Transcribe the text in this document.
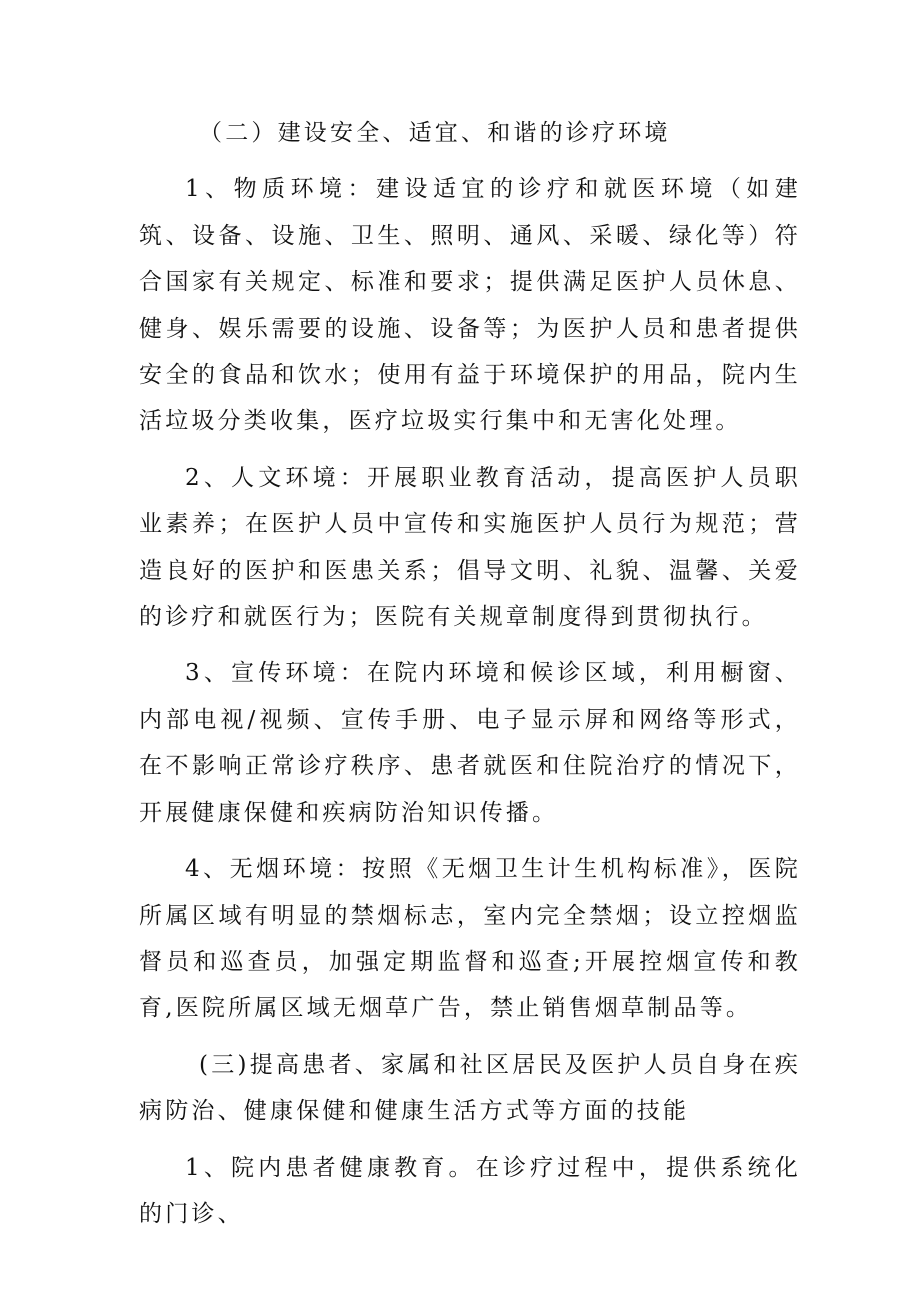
（二）建设安全、适宜、和谐的诊疗环境

1、物质环境：建设适宜的诊疗和就医环境（如建筑、设备、设施、卫生、照明、通风、采暖、绿化等）符合国家有关规定、标准和要求；提供满足医护人员休息、健身、娱乐需要的设施、设备等；为医护人员和患者提供安全的食品和饮水；使用有益于环境保护的用品，院内生活垃圾分类收集，医疗垃圾实行集中和无害化处理。

2、人文环境：开展职业教育活动，提高医护人员职业素养；在医护人员中宣传和实施医护人员行为规范；营造良好的医护和医患关系；倡导文明、礼貌、温馨、关爱的诊疗和就医行为；医院有关规章制度得到贯彻执行。

3、宣传环境：在院内环境和候诊区域，利用橱窗、内部电视/视频、宣传手册、电子显示屏和网络等形式，在不影响正常诊疗秩序、患者就医和住院治疗的情况下，开展健康保健和疾病防治知识传播。

4、无烟环境：按照《无烟卫生计生机构标准》，医院所属区域有明显的禁烟标志，室内完全禁烟；设立控烟监督员和巡查员，加强定期监督和巡查;开展控烟宣传和教育,医院所属区域无烟草广告，禁止销售烟草制品等。

(三)提高患者、家属和社区居民及医护人员自身在疾病防治、健康保健和健康生活方式等方面的技能

1、院内患者健康教育。在诊疗过程中，提供系统化的门诊、
